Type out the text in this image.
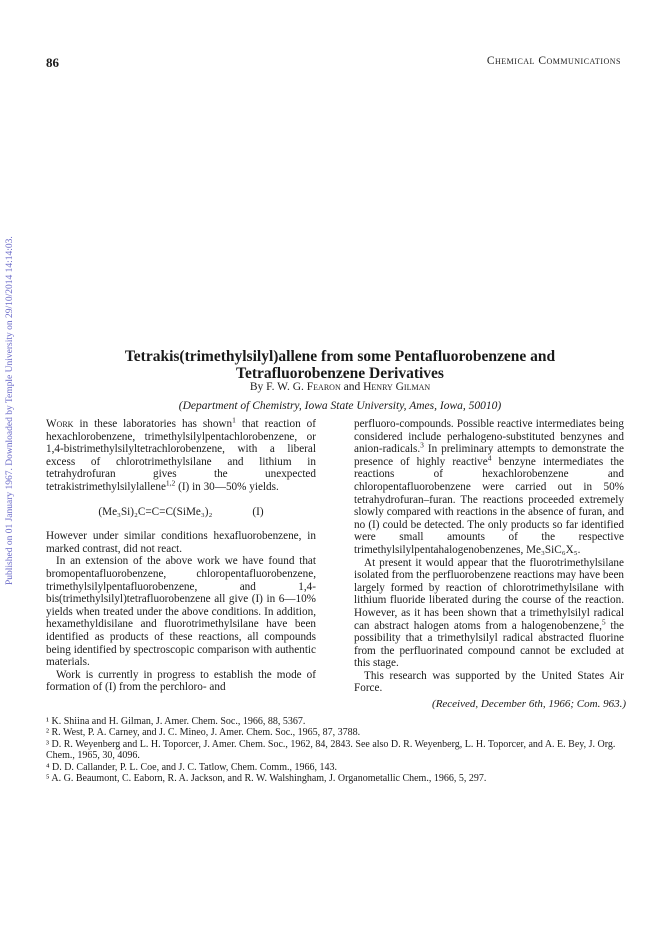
Published on 01 January 1967. Downloaded by Temple University on 29/10/2014 14:14:03.
86	Chemical Communications
Tetrakis(trimethylsilyl)allene from some Pentafluorobenzene and
Tetrafluorobenzene Derivatives
By F. W. G. Fearon and Henry Gilman
(Department of Chemistry, Iowa State University, Ames, Iowa, 50010)

Work in these laboratories has shown$^1$ that reaction of hexachlorobenzene, trimethylsilylpentachlorobenzene, or 1,4-bistrimethylsilyltetrachlorobenzene, with a liberal excess of chlorotrimethylsilane and lithium in tetrahydrofuran gives the unexpected tetrakistrimethylsilylallene$^{1,2}$ (I) in 30—50% yields.

(Me₃Si)₂C=C=C(SiMe₃)₂	(I)

However under similar conditions hexafluorobenzene, in marked contrast, did not react.

In an extension of the above work we have found that bromopentafluorobenzene, chloropentafluorobenzene, trimethylsilylpentafluorobenzene, and 1,4-bis(trimethylsilyl)tetrafluorobenzene all give (I) in 6—10% yields when treated under the above conditions. In addition, hexamethyldisilane and fluorotrimethylsilane have been identified as products of these reactions, all compounds being identified by spectroscopic comparison with authentic materials.

Work is currently in progress to establish the mode of formation of (I) from the perchloro- and

perfluoro-compounds. Possible reactive intermediates being considered include perhalogeno-substituted benzynes and anion-radicals.$^3$ In preliminary attempts to demonstrate the presence of highly reactive$^4$ benzyne intermediates the reactions of hexachlorobenzene and chloropentafluorobenzene were carried out in 50% tetrahydrofuran–furan. The reactions proceeded extremely slowly compared with reactions in the absence of furan, and no (I) could be detected. The only products so far identified were small amounts of the respective trimethylsilylpentahalogenobenzenes, Me₃SiC₆X₅.

At present it would appear that the fluorotrimethylsilane isolated from the perfluorobenzene reactions may have been largely formed by reaction of chlorotrimethylsilane with lithium fluoride liberated during the course of the reaction. However, as it has been shown that a trimethylsilyl radical can abstract halogen atoms from a halogenobenzene,$^5$ the possibility that a trimethylsilyl radical abstracted fluorine from the perfluorinated compound cannot be excluded at this stage.

This research was supported by the United States Air Force.

(Received, December 6th, 1966; Com. 963.)

¹ K. Shiina and H. Gilman, J. Amer. Chem. Soc., 1966, 88, 5367.

² R. West, P. A. Carney, and J. C. Mineo, J. Amer. Chem. Soc., 1965, 87, 3788.

³ D. R. Weyenberg and L. H. Toporcer, J. Amer. Chem. Soc., 1962, 84, 2843. See also D. R. Weyenberg, L. H. Toporcer, and A. E. Bey, J. Org. Chem., 1965, 30, 4096.

⁴ D. D. Callander, P. L. Coe, and J. C. Tatlow, Chem. Comm., 1966, 143.

⁵ A. G. Beaumont, C. Eaborn, R. A. Jackson, and R. W. Walshingham, J. Organometallic Chem., 1966, 5, 297.
